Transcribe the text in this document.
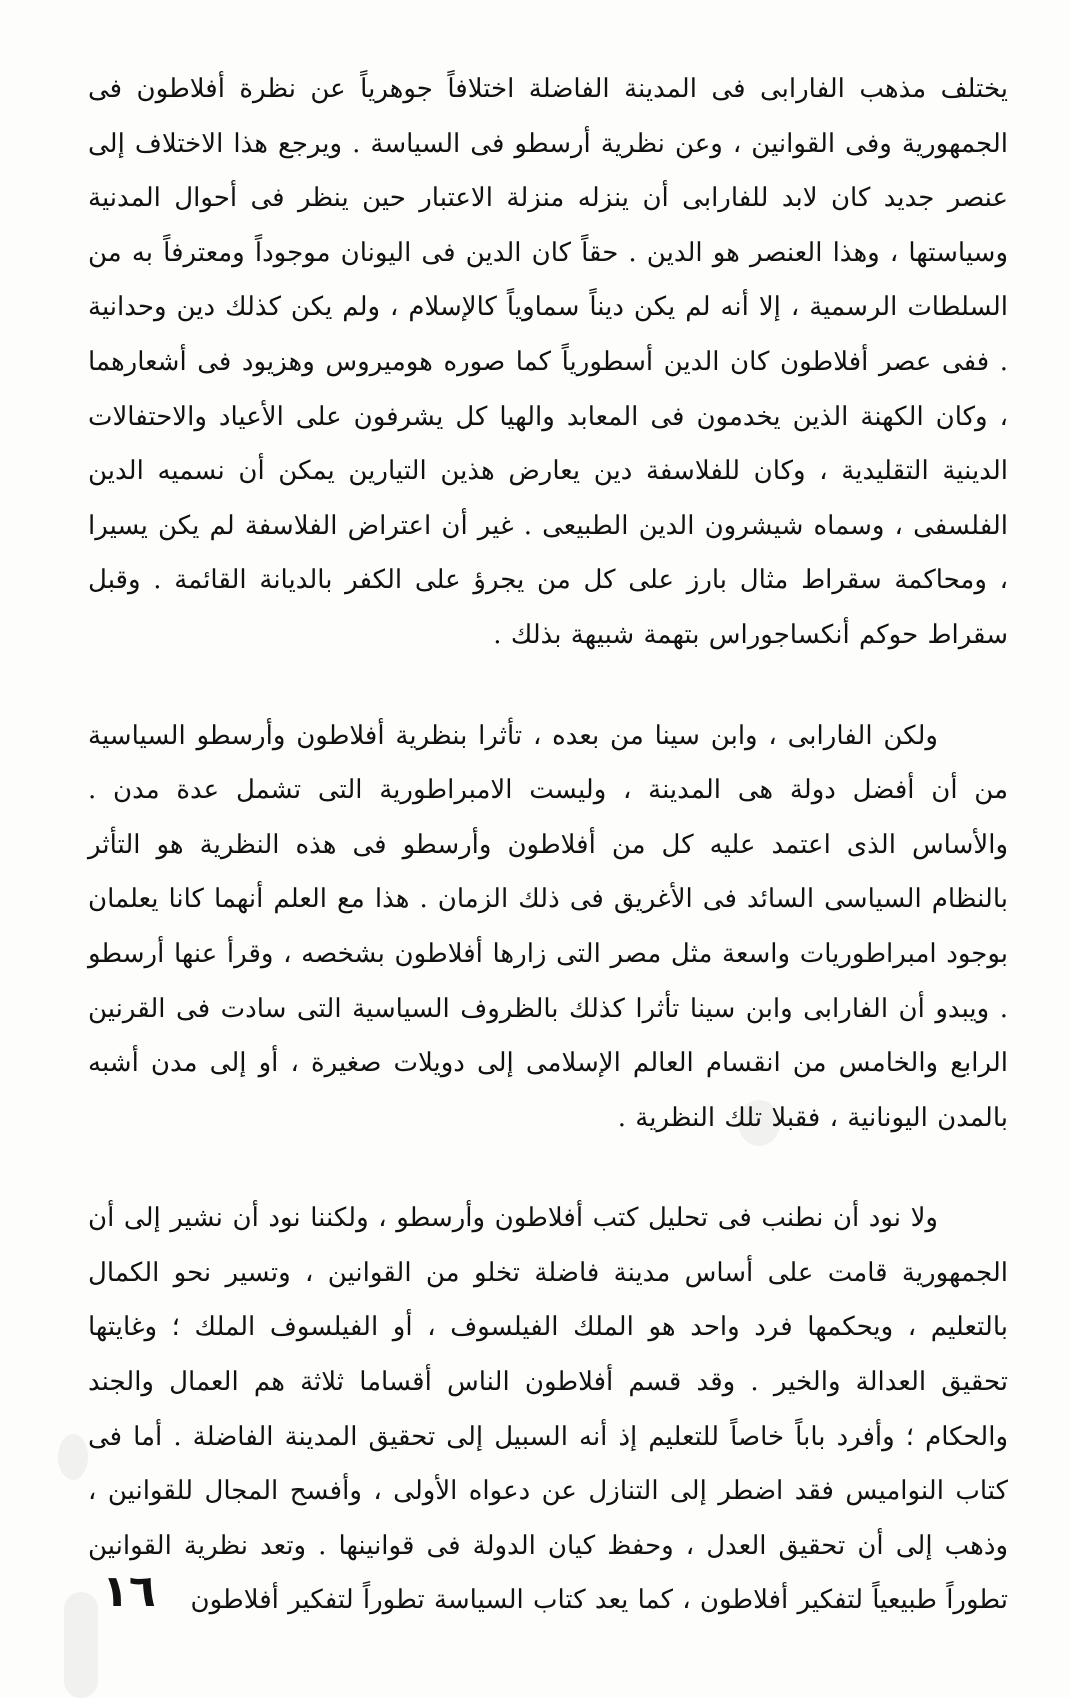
يختلف مذهب الفارابى فى المدينة الفاضلة اختلافاً جوهرياً عن نظرة أفلاطون فى الجمهورية وفى القوانين ، وعن نظرية أرسطو فى السياسة . ويرجع هذا الاختلاف إلى عنصر جديد كان لابد للفارابى أن ينزله منزلة الاعتبار حين ينظر فى أحوال المدنية وسياستها ، وهذا العنصر هو الدين . حقاً كان الدين فى اليونان موجوداً ومعترفاً به من السلطات الرسمية ، إلا أنه لم يكن ديناً سماوياً كالإسلام ، ولم يكن كذلك دين وحدانية . ففى عصر أفلاطون كان الدين أسطورياً كما صوره هوميروس وهزيود فى أشعارهما ، وكان الكهنة الذين يخدمون فى المعابد والهيا كل يشرفون على الأعياد والاحتفالات الدينية التقليدية ، وكان للفلاسفة دين يعارض هذين التيارين يمكن أن نسميه الدين الفلسفى ، وسماه شيشرون الدين الطبيعى . غير أن اعتراض الفلاسفة لم يكن يسيرا ، ومحاكمة سقراط مثال بارز على كل من يجرؤ على الكفر بالديانة القائمة . وقبل سقراط حوكم أنكساجوراس بتهمة شبيهة بذلك .

ولكن الفارابى ، وابن سينا من بعده ، تأثرا بنظرية أفلاطون وأرسطو السياسية من أن أفضل دولة هى المدينة ، وليست الامبراطورية التى تشمل عدة مدن . والأساس الذى اعتمد عليه كل من أفلاطون وأرسطو فى هذه النظرية هو التأثر بالنظام السياسى السائد فى الأغريق فى ذلك الزمان . هذا مع العلم أنهما كانا يعلمان بوجود امبراطوريات واسعة مثل مصر التى زارها أفلاطون بشخصه ، وقرأ عنها أرسطو . ويبدو أن الفارابى وابن سينا تأثرا كذلك بالظروف السياسية التى سادت فى القرنين الرابع والخامس من انقسام العالم الإسلامى إلى دويلات صغيرة ، أو إلى مدن أشبه بالمدن اليونانية ، فقبلا تلك النظرية .

ولا نود أن نطنب فى تحليل كتب أفلاطون وأرسطو ، ولكننا نود أن نشير إلى أن الجمهورية قامت على أساس مدينة فاضلة تخلو من القوانين ، وتسير نحو الكمال بالتعليم ، ويحكمها فرد واحد هو الملك الفيلسوف ، أو الفيلسوف الملك ؛ وغايتها تحقيق العدالة والخير . وقد قسم أفلاطون الناس أقساما ثلاثة هم العمال والجند والحكام ؛ وأفرد باباً خاصاً للتعليم إذ أنه السبيل إلى تحقيق المدينة الفاضلة . أما فى كتاب النواميس فقد اضطر إلى التنازل عن دعواه الأولى ، وأفسح المجال للقوانين ، وذهب إلى أن تحقيق العدل ، وحفظ كيان الدولة فى قوانينها . وتعد نظرية القوانين تطوراً طبيعياً لتفكير أفلاطون ، كما يعد كتاب السياسة تطوراً لتفكير أفلاطون

١٦
